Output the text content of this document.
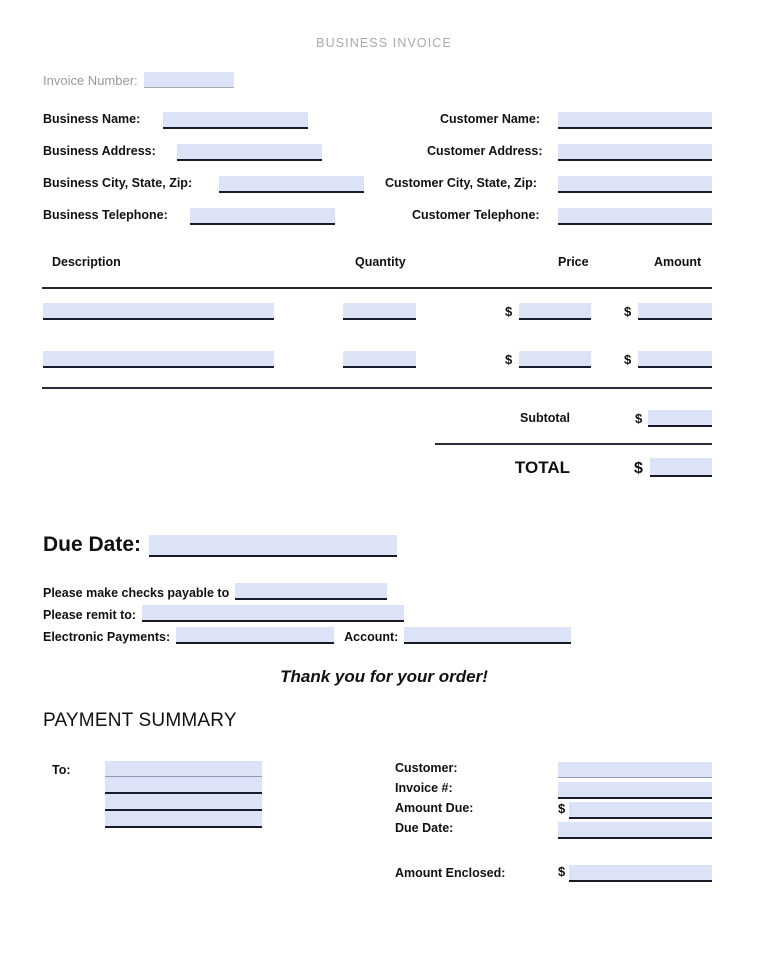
BUSINESS INVOICE
Invoice Number:
Business Name:	Customer Name:
Business Address:	Customer Address:
Business City, State, Zip:	Customer City, State, Zip:
Business Telephone:	Customer Telephone:
Description	Quantity	Price	Amount
$	$
$	$
Subtotal	$
TOTAL	$
Due Date:
Please make checks payable to
Please remit to:
Electronic Payments:	Account:
Thank you for your order!
PAYMENT SUMMARY
To:	Customer:
Invoice #:
Amount Due:	$
Due Date:
Amount Enclosed:	$
